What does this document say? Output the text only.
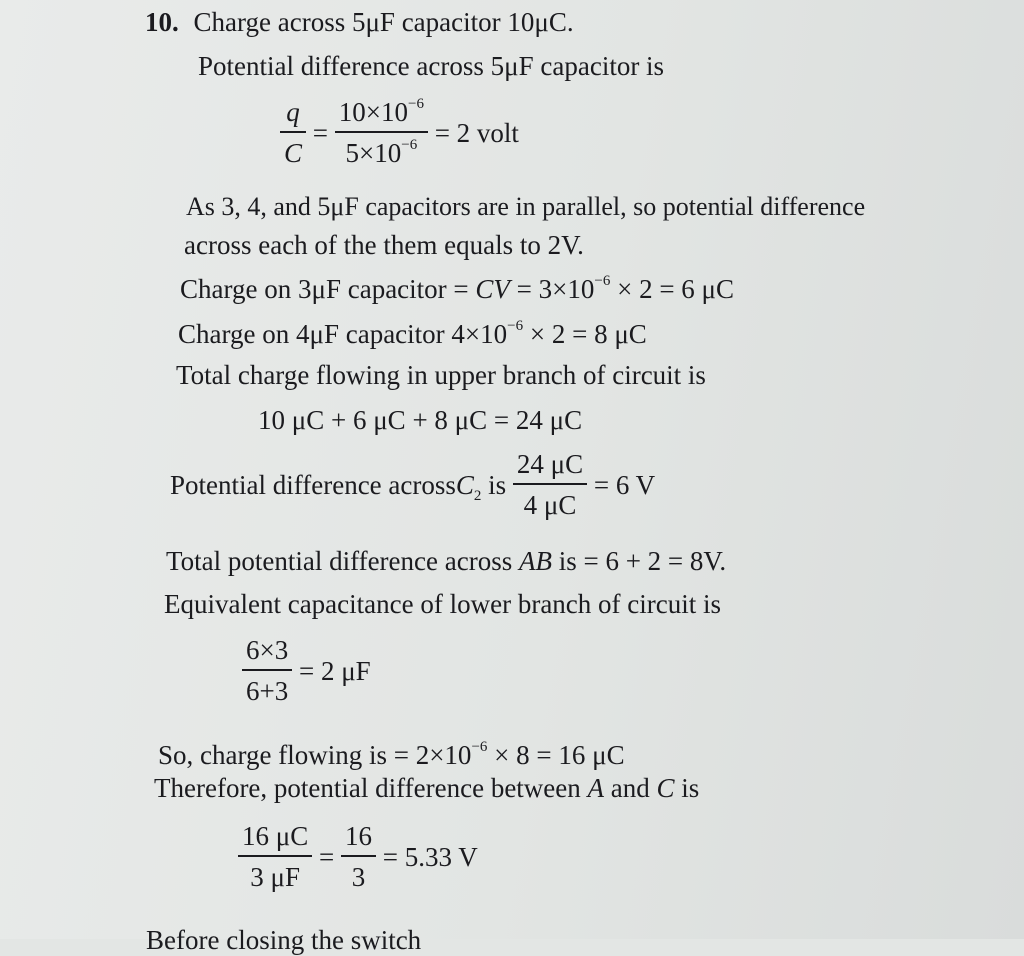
10. Charge across 5μF capacitor 10μC.
Potential difference across 5μF capacitor is
$\frac{q}{C} = \frac{10\times 10^{-6}}{5\times 10^{-6}} = 2$ volt
As 3, 4, and 5μF capacitors are in parallel, so potential difference
across each of the them equals to 2V.
Charge on 3μF capacitor = CV = $3\times 10^{-6} \times 2 = 6$ μC
Charge on 4μF capacitor $4\times 10^{-6} \times 2 = 8$ μC
Total charge flowing in upper branch of circuit is
10 μC + 6 μC + 8 μC = 24 μC
Potential difference acrossC$_2$ is $\frac{24 \mu C}{4 \mu C} = 6$ V
Total potential difference across AB is = 6 + 2 = 8V.
Equivalent capacitance of lower branch of circuit is
$\frac{6\times 3}{6+3} = 2$ μF
So, charge flowing is = $2\times 10^{-6} \times 8 = 16$ μC
Therefore, potential difference between A and C is
$\frac{16 \mu C}{3 \mu F} = \frac{16}{3} = 5.33$ V
Before closing the switch
